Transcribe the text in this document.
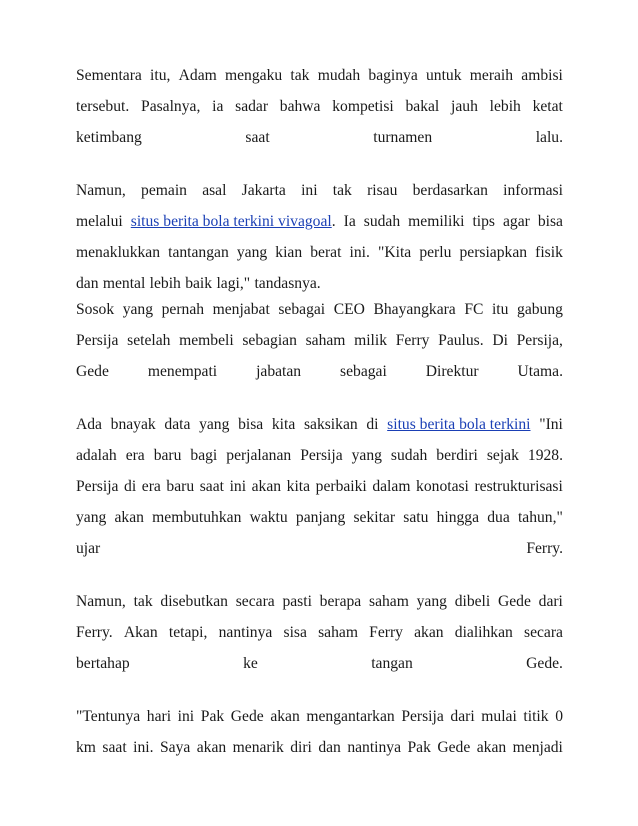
Sementara itu, Adam mengaku tak mudah baginya untuk meraih ambisi
tersebut. Pasalnya, ia sadar bahwa kompetisi bakal jauh lebih ketat
ketimbang	saat	turnamen	lalu.
Namun, pemain asal Jakarta ini tak risau berdasarkan informasi
melalui situs berita bola terkini vivagoal. Ia sudah memiliki tips agar bisa
menaklukkan tantangan yang kian berat ini. "Kita perlu persiapkan fisik
dan mental lebih baik lagi," tandasnya.
Sosok yang pernah menjabat sebagai CEO Bhayangkara FC itu gabung
Persija setelah membeli sebagian saham milik Ferry Paulus. Di Persija,
Gede menempati jabatan sebagai Direktur Utama.
Ada bnayak data yang bisa kita saksikan di situs berita bola terkini "Ini
adalah era baru bagi perjalanan Persija yang sudah berdiri sejak 1928.
Persija di era baru saat ini akan kita perbaiki dalam konotasi restrukturisasi
yang akan membutuhkan waktu panjang sekitar satu hingga dua tahun,"
ujar	Ferry.
Namun, tak disebutkan secara pasti berapa saham yang dibeli Gede dari
Ferry. Akan tetapi, nantinya sisa saham Ferry akan dialihkan secara
bertahap	ke	tangan	Gede.
"Tentunya hari ini Pak Gede akan mengantarkan Persija dari mulai titik 0
km saat ini. Saya akan menarik diri dan nantinya Pak Gede akan menjadi
